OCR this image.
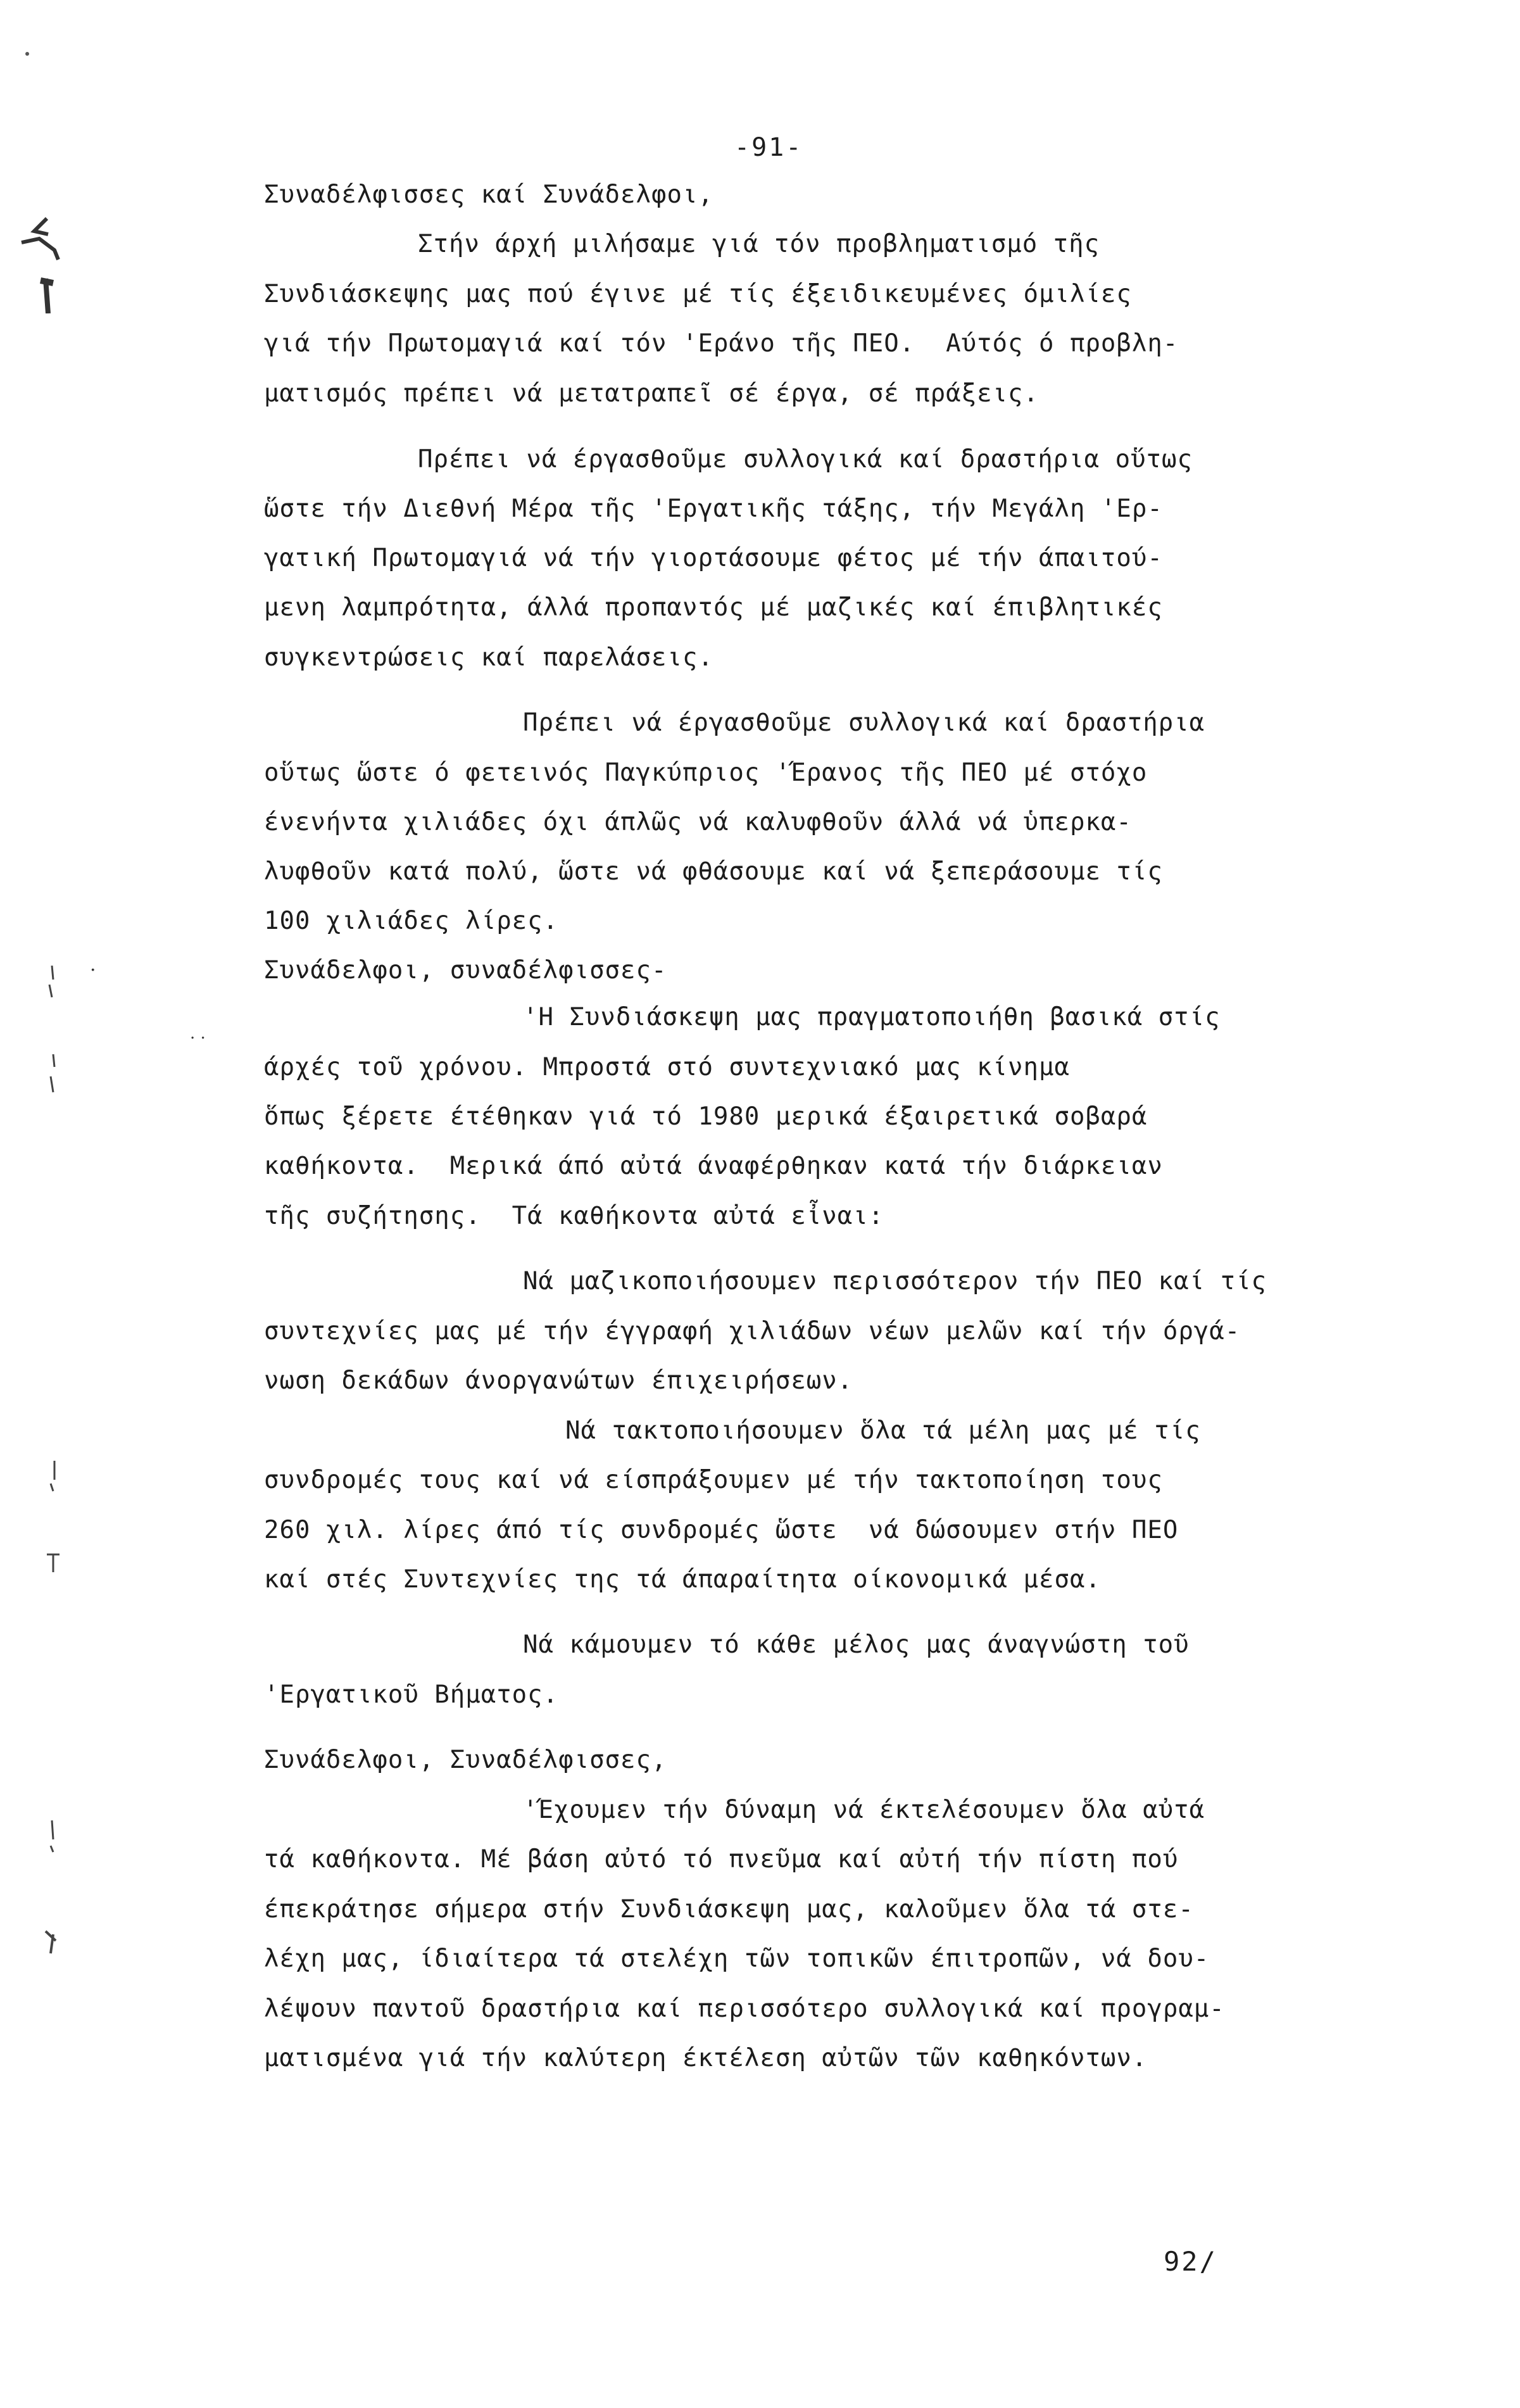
-91-
Συναδέλφισσες καί Συνάδελφοι,
Στήν άρχή μιλήσαμε γιά τόν προβληματισμό τῆς
Συνδιάσκεψης μας πού έγινε μέ τίς έξειδικευμένες όμιλίες
γιά τήν Πρωτομαγιά καί τόν 'Εράνο τῆς ΠΕΟ.  Αύτός ό προβλη-
ματισμός πρέπει νά μετατραπεῖ σέ έργα, σέ πράξεις.
Πρέπει νά έργασθοῦμε συλλογικά καί δραστήρια οὕτως
ὥστε τήν Διεθνή Μέρα τῆς 'Εργατικῆς τάξης, τήν Μεγάλη 'Ερ-
γατική Πρωτομαγιά νά τήν γιορτάσουμε φέτος μέ τήν άπαιτού-
μενη λαμπρότητα, άλλά προπαντός μέ μαζικές καί έπιβλητικές
συγκεντρώσεις καί παρελάσεις.
Πρέπει νά έργασθοῦμε συλλογικά καί δραστήρια
οὕτως ὥστε ό φετεινός Παγκύπριος 'Έρανος τῆς ΠΕΟ μέ στόχο
ένενήντα χιλιάδες όχι άπλῶς νά καλυφθοῦν άλλά νά ὑπερκα-
λυφθοῦν κατά πολύ, ὥστε νά φθάσουμε καί νά ξεπεράσουμε τίς
100 χιλιάδες λίρες.
Συνάδελφοι, συναδέλφισσες-
'Η Συνδιάσκεψη μας πραγματοποιήθη βασικά στίς
άρχές τοῦ χρόνου. Μπροστά στό συντεχνιακό μας κίνημα
ὅπως ξέρετε έτέθηκαν γιά τό 1980 μερικά έξαιρετικά σοβαρά
καθήκοντα.  Μερικά άπό αὐτά άναφέρθηκαν κατά τήν διάρκειαν
τῆς συζήτησης.  Τά καθήκοντα αὐτά εἶναι:
Νά μαζικοποιήσουμεν περισσότερον τήν ΠΕΟ καί τίς
συντεχνίες μας μέ τήν έγγραφή χιλιάδων νέων μελῶν καί τήν όργά-
νωση δεκάδων άνοργανώτων έπιχειρήσεων.
Νά τακτοποιήσουμεν ὅλα τά μέλη μας μέ τίς
συνδρομές τους καί νά είσπράξουμεν μέ τήν τακτοποίηση τους
260 χιλ. λίρες άπό τίς συνδρομές ὥστε  νά δώσουμεν στήν ΠΕΟ
καί στές Συντεχνίες της τά άπαραίτητα οίκονομικά μέσα.
Νά κάμουμεν τό κάθε μέλος μας άναγνώστη τοῦ
'Εργατικοῦ Βήματος.
Συνάδελφοι, Συναδέλφισσες,
'Έχουμεν τήν δύναμη νά έκτελέσουμεν ὅλα αὐτά
τά καθήκοντα. Μέ βάση αὐτό τό πνεῦμα καί αὐτή τήν πίστη πού
έπεκράτησε σήμερα στήν Συνδιάσκεψη μας, καλοῦμεν ὅλα τά στε-
λέχη μας, ίδιαίτερα τά στελέχη τῶν τοπικῶν έπιτροπῶν, νά δου-
λέψουν παντοῦ δραστήρια καί περισσότερο συλλογικά καί προγραμ-
ματισμένα γιά τήν καλύτερη έκτέλεση αὐτῶν τῶν καθηκόντων.
92/
·
· ·
